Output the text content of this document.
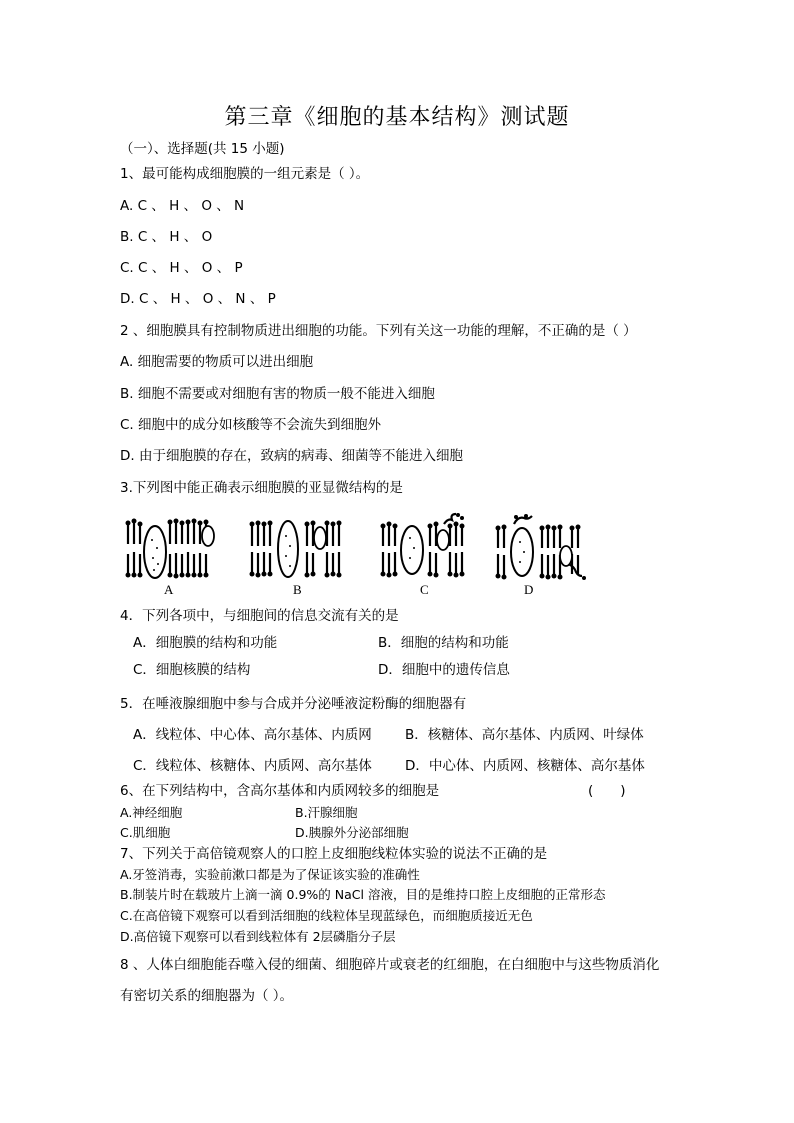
第三章《细胞的基本结构》测试题
（一）、选择题(共 15 小题)
1、最可能构成细胞膜的一组元素是（ ）。
A. C 、 H 、 O 、 N
B. C 、 H 、 O
C. C 、 H 、 O 、 P
D. C 、 H 、 O 、 N 、 P
2 、细胞膜具有控制物质进出细胞的功能。下列有关这一功能的理解，不正确的是（ ）
A. 细胞需要的物质可以进出细胞
B. 细胞不需要或对细胞有害的物质一般不能进入细胞
C. 细胞中的成分如核酸等不会流失到细胞外
D. 由于细胞膜的存在，致病的病毒、细菌等不能进入细胞
3.下列图中能正确表示细胞膜的亚显微结构的是
A	B	C	D
4．下列各项中，与细胞间的信息交流有关的是
A．细胞膜的结构和功能	B．细胞的结构和功能
C．细胞核膜的结构	D．细胞中的遗传信息
5．在唾液腺细胞中参与合成并分泌唾液淀粉酶的细胞器有
A．线粒体、中心体、高尔基体、内质网 B．核糖体、高尔基体、内质网、叶绿体
C．线粒体、核糖体、内质网、高尔基体 D．中心体、内质网、核糖体、高尔基体
6、在下列结构中，含高尔基体和内质网较多的细胞是	(　　)
A.神经细胞	B.汗腺细胞
C.肌细胞	D.胰腺外分泌部细胞
7、下列关于高倍镜观察人的口腔上皮细胞线粒体实验的说法不正确的是
A.牙签消毒，实验前漱口都是为了保证该实验的准确性
B.制装片时在载玻片上滴一滴 0.9%的 NaCl 溶液，目的是维持口腔上皮细胞的正常形态
C.在高倍镜下观察可以看到活细胞的线粒体呈现蓝绿色，而细胞质接近无色
D.高倍镜下观察可以看到线粒体有 2层磷脂分子层
8 、人体白细胞能吞噬入侵的细菌、细胞碎片或衰老的红细胞，在白细胞中与这些物质消化
有密切关系的细胞器为（ ）。
